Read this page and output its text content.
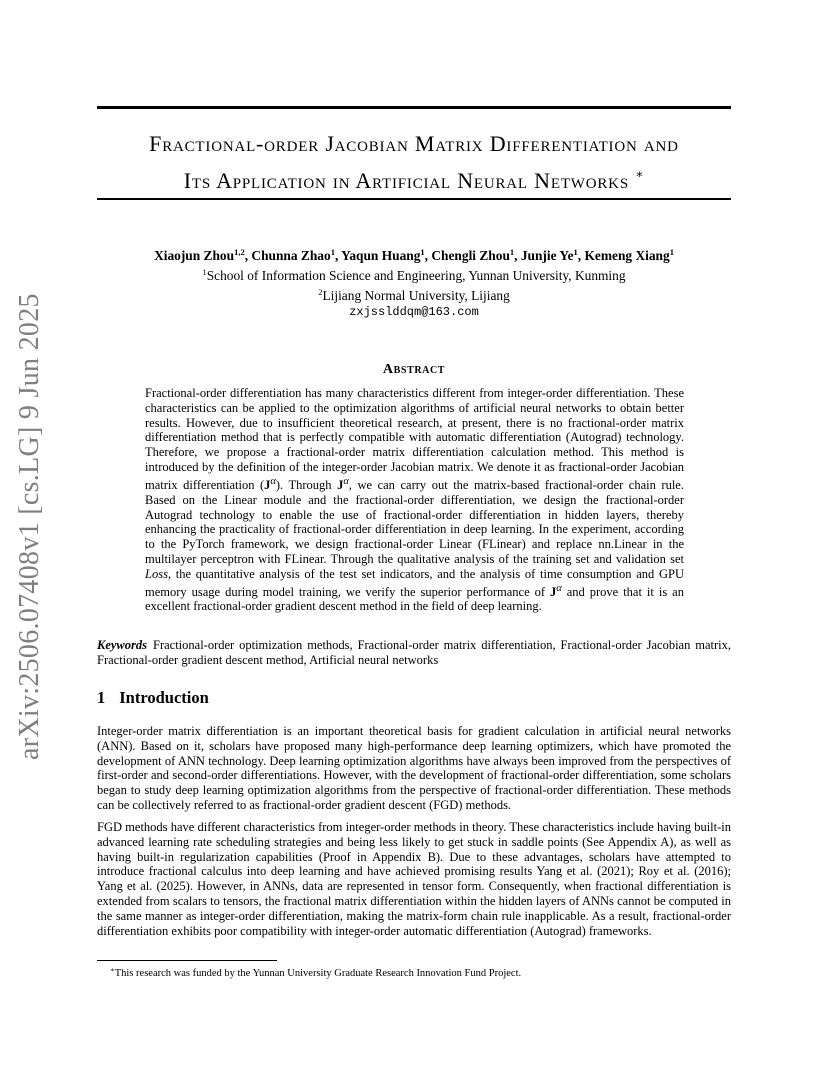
arXiv:2506.07408v1 [cs.LG] 9 Jun 2025
Fractional-order Jacobian Matrix Differentiation and
Its Application in Artificial Neural Networks ∗
Xiaojun Zhou$^{1,2}$, Chunna Zhao$^1$, Yaqun Huang$^1$, Chengli Zhou$^1$, Junjie Ye$^1$, Kemeng Xiang$^1$
$^1$School of Information Science and Engineering, Yunnan University, Kunming
$^2$Lijiang Normal University, Lijiang
zxjsslddqm@163.com
Abstract
Fractional-order differentiation has many characteristics different from integer-order differentiation. These characteristics can be applied to the optimization algorithms of artificial neural networks to obtain better results. However, due to insufficient theoretical research, at present, there is no fractional-order matrix differentiation method that is perfectly compatible with automatic differentiation (Autograd) technology. Therefore, we propose a fractional-order matrix differentiation calculation method. This method is introduced by the definition of the integer-order Jacobian matrix. We denote it as fractional-order Jacobian matrix differentiation $(J^\alpha)$. Through $J^\alpha$, we can carry out the matrix-based fractional-order chain rule. Based on the Linear module and the fractional-order differentiation, we design the fractional-order Autograd technology to enable the use of fractional-order differentiation in hidden layers, thereby enhancing the practicality of fractional-order differentiation in deep learning. In the experiment, according to the PyTorch framework, we design fractional-order Linear (FLinear) and replace nn.Linear in the multilayer perceptron with FLinear. Through the qualitative analysis of the training set and validation set Loss, the quantitative analysis of the test set indicators, and the analysis of time consumption and GPU memory usage during model training, we verify the superior performance of $J^\alpha$ and prove that it is an excellent fractional-order gradient descent method in the field of deep learning.
Keywords Fractional-order optimization methods, Fractional-order matrix differentiation, Fractional-order Jacobian matrix, Fractional-order gradient descent method, Artificial neural networks
1 Introduction
Integer-order matrix differentiation is an important theoretical basis for gradient calculation in artificial neural networks (ANN). Based on it, scholars have proposed many high-performance deep learning optimizers, which have promoted the development of ANN technology. Deep learning optimization algorithms have always been improved from the perspectives of first-order and second-order differentiations. However, with the development of fractional-order differentiation, some scholars began to study deep learning optimization algorithms from the perspective of fractional-order differentiation. These methods can be collectively referred to as fractional-order gradient descent (FGD) methods.
FGD methods have different characteristics from integer-order methods in theory. These characteristics include having built-in advanced learning rate scheduling strategies and being less likely to get stuck in saddle points (See Appendix A), as well as having built-in regularization capabilities (Proof in Appendix B). Due to these advantages, scholars have attempted to introduce fractional calculus into deep learning and have achieved promising results Yang et al. (2021); Roy et al. (2016); Yang et al. (2025). However, in ANNs, data are represented in tensor form. Consequently, when fractional differentiation is extended from scalars to tensors, the fractional matrix differentiation within the hidden layers of ANNs cannot be computed in the same manner as integer-order differentiation, making the matrix-form chain rule inapplicable. As a result, fractional-order differentiation exhibits poor compatibility with integer-order automatic differentiation (Autograd) frameworks.
∗This research was funded by the Yunnan University Graduate Research Innovation Fund Project.
